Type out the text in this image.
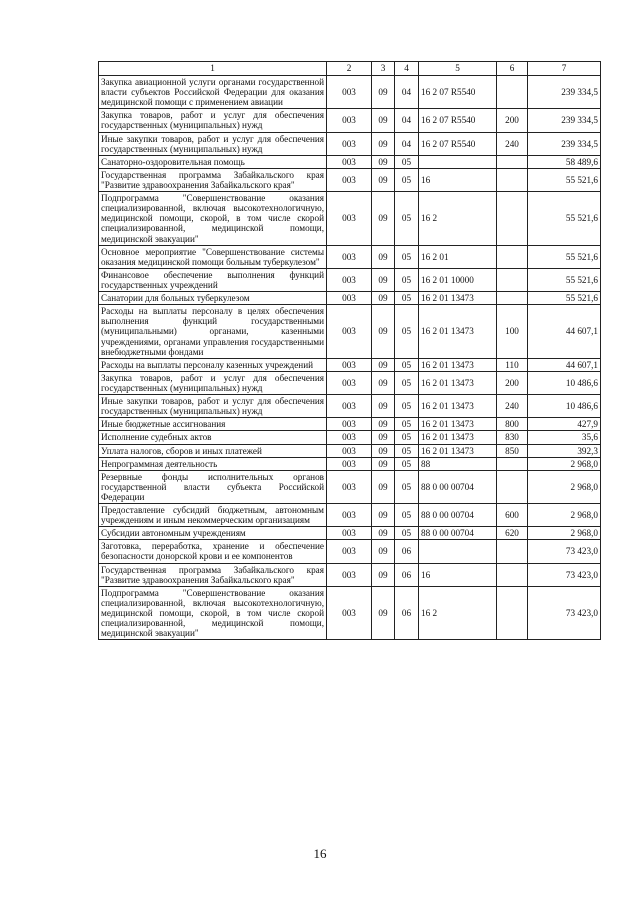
1	2	3	4	5	6	7
Закупка авиационной услуги органами государственной власти субъектов Российской Федерации для оказания медицинской помощи с применением авиации	003	09	04	16 2 07 R5540		239 334,5
Закупка товаров, работ и услуг для обеспечения государственных (муниципальных) нужд	003	09	04	16 2 07 R5540	200	239 334,5
Иные закупки товаров, работ и услуг для обеспечения государственных (муниципальных) нужд	003	09	04	16 2 07 R5540	240	239 334,5
Санаторно-оздоровительная помощь	003	09	05			58 489,6
Государственная программа Забайкальского края "Развитие здравоохранения Забайкальского края"	003	09	05	16		55 521,6
Подпрограмма "Совершенствование оказания специализированной, включая высокотехнологичную, медицинской помощи, скорой, в том числе скорой специализированной, медицинской помощи, медицинской эвакуации"	003	09	05	16 2		55 521,6
Основное мероприятие "Совершенствование системы оказания медицинской помощи больным туберкулезом"	003	09	05	16 2 01		55 521,6
Финансовое обеспечение выполнения функций государственных учреждений	003	09	05	16 2 01 10000		55 521,6
Санатории для больных туберкулезом	003	09	05	16 2 01 13473		55 521,6
Расходы на выплаты персоналу в целях обеспечения выполнения функций государственными (муниципальными) органами, казенными учреждениями, органами управления государственными внебюджетными фондами	003	09	05	16 2 01 13473	100	44 607,1
Расходы на выплаты персоналу казенных учреждений	003	09	05	16 2 01 13473	110	44 607,1
Закупка товаров, работ и услуг для обеспечения государственных (муниципальных) нужд	003	09	05	16 2 01 13473	200	10 486,6
Иные закупки товаров, работ и услуг для обеспечения государственных (муниципальных) нужд	003	09	05	16 2 01 13473	240	10 486,6
Иные бюджетные ассигнования	003	09	05	16 2 01 13473	800	427,9
Исполнение судебных актов	003	09	05	16 2 01 13473	830	35,6
Уплата налогов, сборов и иных платежей	003	09	05	16 2 01 13473	850	392,3
Непрограммная деятельность	003	09	05	88		2 968,0
Резервные фонды исполнительных органов государственной власти субъекта Российской Федерации	003	09	05	88 0 00 00704		2 968,0
Предоставление субсидий бюджетным, автономным учреждениям и иным некоммерческим организациям	003	09	05	88 0 00 00704	600	2 968,0
Субсидии автономным учреждениям	003	09	05	88 0 00 00704	620	2 968,0
Заготовка, переработка, хранение и обеспечение безопасности донорской крови и ее компонентов	003	09	06			73 423,0
Государственная программа Забайкальского края "Развитие здравоохранения Забайкальского края"	003	09	06	16		73 423,0
Подпрограмма "Совершенствование оказания специализированной, включая высокотехнологичную, медицинской помощи, скорой, в том числе скорой специализированной, медицинской помощи, медицинской эвакуации"	003	09	06	16 2		73 423,0
16
